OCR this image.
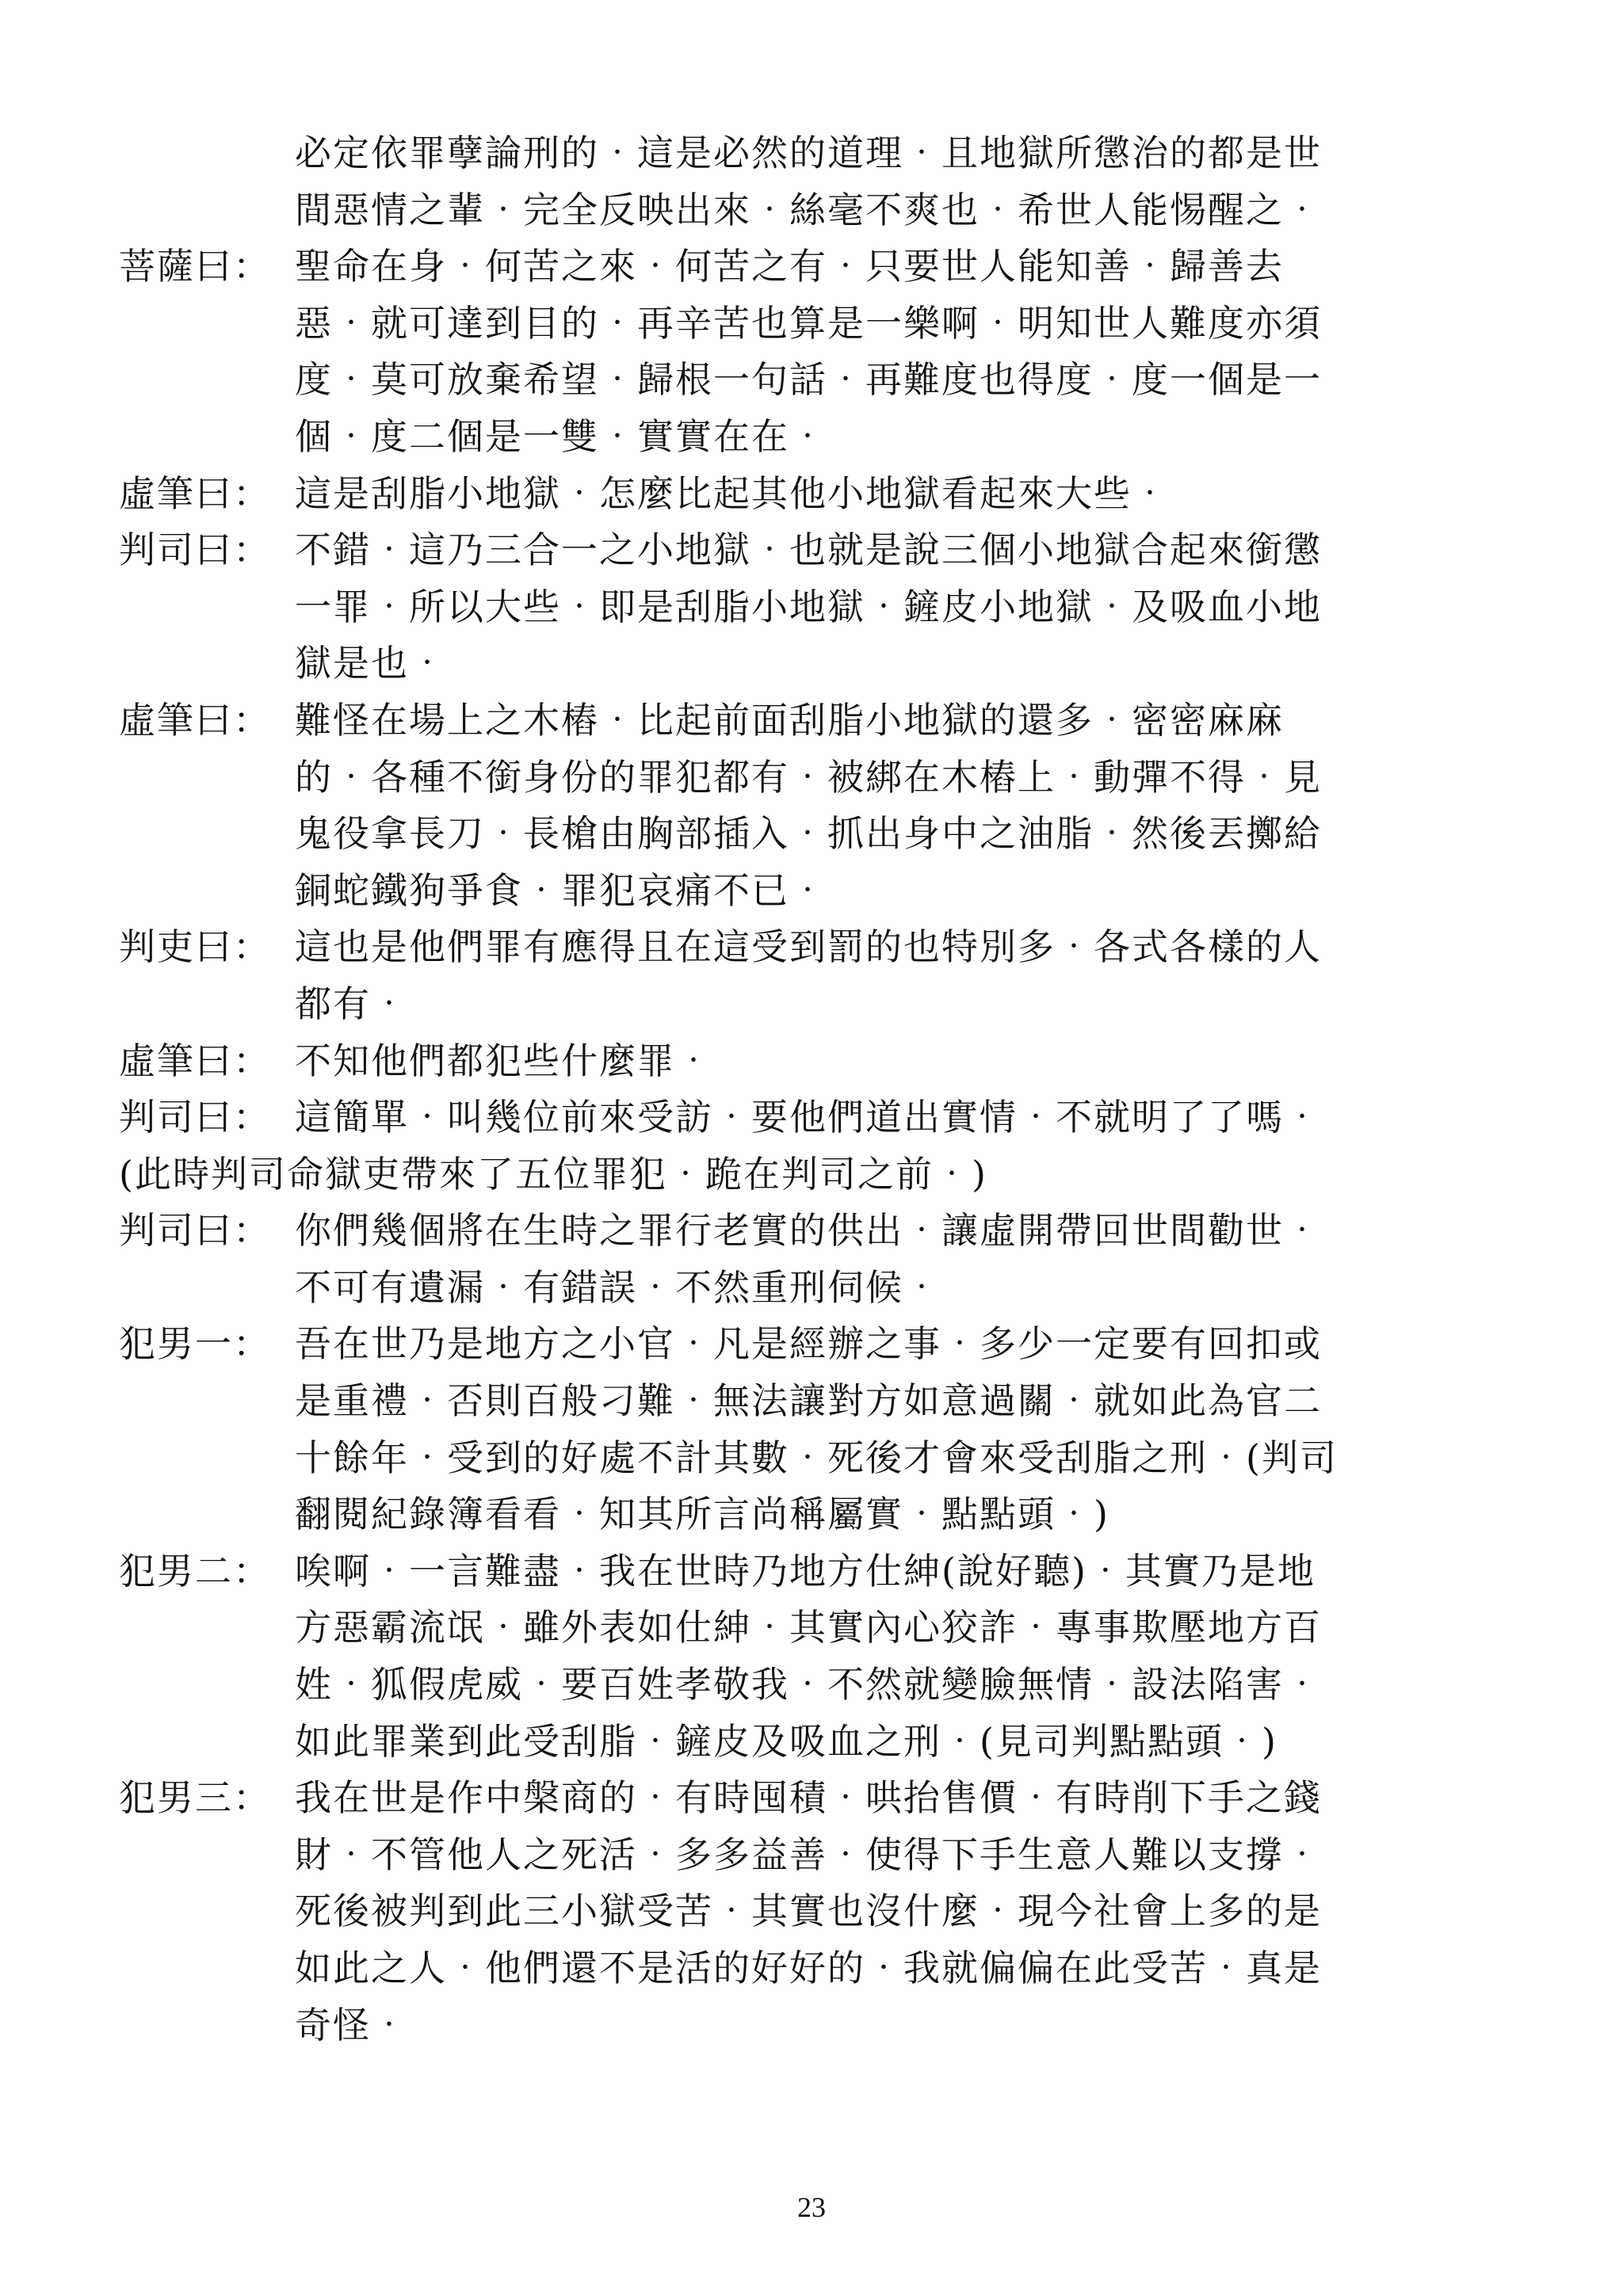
必定依罪孽論刑的‧這是必然的道理‧且地獄所懲治的都是世
間惡情之輩‧完全反映出來‧絲毫不爽也‧希世人能惕醒之‧
菩薩曰： 聖命在身‧何苦之來‧何苦之有‧只要世人能知善‧歸善去
惡‧就可達到目的‧再辛苦也算是一樂啊‧明知世人難度亦須
度‧莫可放棄希望‧歸根一句話‧再難度也得度‧度一個是一
個‧度二個是一雙‧實實在在‧
虛筆曰： 這是刮脂小地獄‧怎麼比起其他小地獄看起來大些‧
判司曰： 不錯‧這乃三合一之小地獄‧也就是說三個小地獄合起來銜懲
一罪‧所以大些‧即是刮脂小地獄‧鏟皮小地獄‧及吸血小地
獄是也‧
虛筆曰： 難怪在場上之木樁‧比起前面刮脂小地獄的還多‧密密麻麻
的‧各種不銜身份的罪犯都有‧被綁在木樁上‧動彈不得‧見
鬼役拿長刀‧長槍由胸部插入‧抓出身中之油脂‧然後丟擲給
銅蛇鐵狗爭食‧罪犯哀痛不已‧
判吏曰： 這也是他們罪有應得且在這受到罰的也特別多‧各式各樣的人
都有‧
虛筆曰： 不知他們都犯些什麼罪‧
判司曰： 這簡單‧叫幾位前來受訪‧要他們道出實情‧不就明了了嗎‧
(此時判司命獄吏帶來了五位罪犯‧跪在判司之前‧)
判司曰： 你們幾個將在生時之罪行老實的供出‧讓虛開帶回世間勸世‧
不可有遺漏‧有錯誤‧不然重刑伺候‧
犯男一： 吾在世乃是地方之小官‧凡是經辦之事‧多少一定要有回扣或
是重禮‧否則百般刁難‧無法讓對方如意過關‧就如此為官二
十餘年‧受到的好處不計其數‧死後才會來受刮脂之刑‧(判司
翻閱紀錄簿看看‧知其所言尚稱屬實‧點點頭‧)
犯男二： 唉啊‧一言難盡‧我在世時乃地方仕紳(說好聽)‧其實乃是地
方惡霸流氓‧雖外表如仕紳‧其實內心狡詐‧專事欺壓地方百
姓‧狐假虎威‧要百姓孝敬我‧不然就變臉無情‧設法陷害‧
如此罪業到此受刮脂‧鏟皮及吸血之刑‧(見司判點點頭‧)
犯男三： 我在世是作中槃商的‧有時囤積‧哄抬售價‧有時削下手之錢
財‧不管他人之死活‧多多益善‧使得下手生意人難以支撐‧
死後被判到此三小獄受苦‧其實也沒什麼‧現今社會上多的是
如此之人‧他們還不是活的好好的‧我就偏偏在此受苦‧真是
奇怪‧
23
